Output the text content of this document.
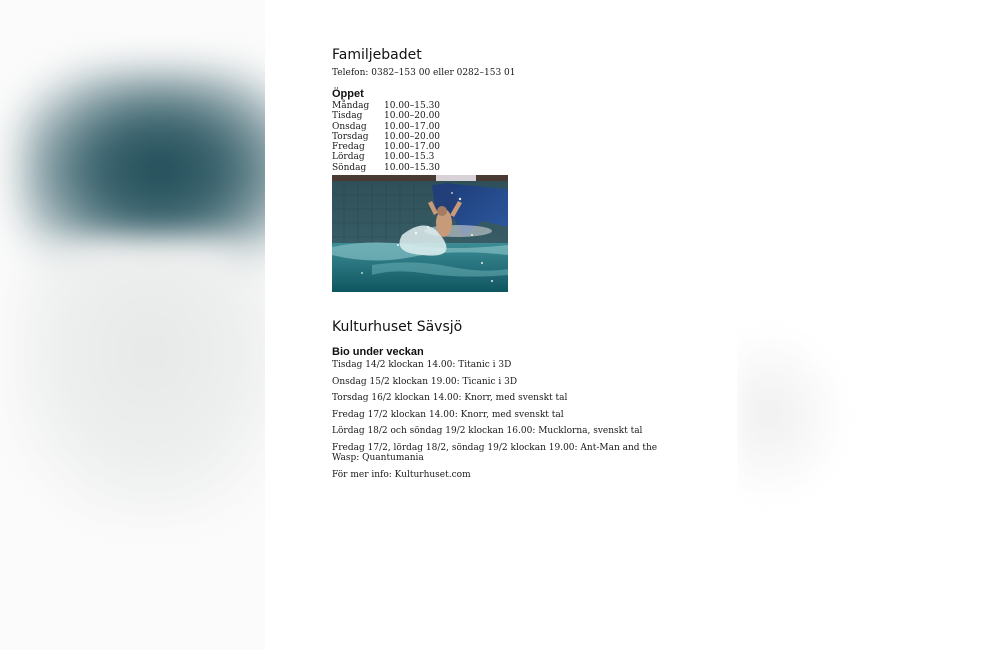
Familjebadet
Telefon: 0382–153 00 eller 0282–153 01
Öppet
Måndag	10.00–15.30
Tisdag	10.00–20.00
Onsdag	10.00–17.00
Torsdag	10.00–20.00
Fredag	10.00–17.00
Lördag	10.00–15.3
Söndag	10.00–15.30
Kulturhuset Sävsjö
Bio under veckan
Tisdag 14/2 klockan 14.00: Titanic i 3D
Onsdag 15/2 klockan 19.00: Ticanic i 3D
Torsdag 16/2 klockan 14.00: Knorr, med svenskt tal
Fredag 17/2 klockan 14.00: Knorr, med svenskt tal
Lördag 18/2 och söndag 19/2 klockan 16.00: Mucklorna, svenskt tal
Fredag 17/2, lördag 18/2, söndag 19/2 klockan 19.00: Ant-Man and the Wasp: Quantumania
För mer info: Kulturhuset.com
